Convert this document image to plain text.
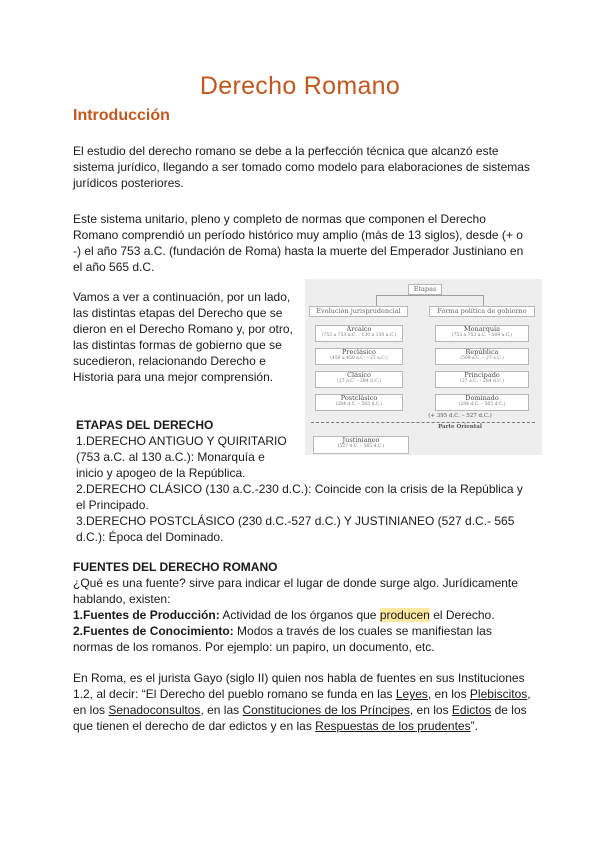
Derecho Romano
Introducción

El estudio del derecho romano se debe a la perfección técnica que alcanzó este sistema jurídico, llegando a ser tomado como modelo para elaboraciones de sistemas jurídicos posteriores.

Este sistema unitario, pleno y completo de normas que componen el Derecho Romano comprendió un período histórico muy amplio (más de 13 siglos), desde (+ o -) el año 753 a.C. (fundación de Roma) hasta la muerte del Emperador Justiniano en el año 565 d.C.

Vamos a ver a continuación, por un lado, las distintas etapas del Derecho que se dieron en el Derecho Romano y, por otro, las distintas formas de gobierno que se sucedieron, relacionando Derecho e Historia para una mejor comprensión.

Etapas
Evolución jurisprudencial	Forma política de gobierno
Arcaico
(753 a 753 a.C. – 130 a 150 a.C.)
Monarquía
(753 a 753 a.C. – 509 a.C.)
Preclásico
(450 a 450 a.C. – 27 a.C.)
República
(509 a.C. – 27 a.C.)
Clásico
(27 a.C. – 284 d.C.)
Principado
(27 a.C. – 284 d.C.)
Postclásico
(284 d.C. – 565 d.C.)
Dominado
(284 d.C. – 565 d.C.)
(+ 395 d.C. – 527 d.C.)
Parte Oriental
Justinianeo
(527 d.C. – 565 d.C.)

ETAPAS DEL DERECHO

1.DERECHO ANTIGUO Y QUIRITARIO

(753 a.C. al 130 a.C.): Monarquía e

inicio y apogeo de la República.

2.DERECHO CLÁSICO (130 a.C.-230 d.C.): Coincide con la crisis de la República y el Principado.

3.DERECHO POSTCLÁSICO (230 d.C.-527 d.C.) Y JUSTINIANEO (527 d.C.- 565 d.C.): Época del Dominado.

FUENTES DEL DERECHO ROMANO

¿Qué es una fuente? sirve para indicar el lugar de donde surge algo. Jurídicamente hablando, existen:

1.Fuentes de Producción: Actividad de los órganos que producen el Derecho.

2.Fuentes de Conocimiento: Modos a través de los cuales se manifiestan las normas de los romanos. Por ejemplo: un papiro, un documento, etc.

En Roma, es el jurista Gayo (siglo II) quien nos habla de fuentes en sus Instituciones 1.2, al decir: “El Derecho del pueblo romano se funda en las Leyes, en los Plebiscitos, en los Senadoconsultos, en las Constituciones de los Príncipes, en los Edictos de los que tienen el derecho de dar edictos y en las Respuestas de los prudentes”.
